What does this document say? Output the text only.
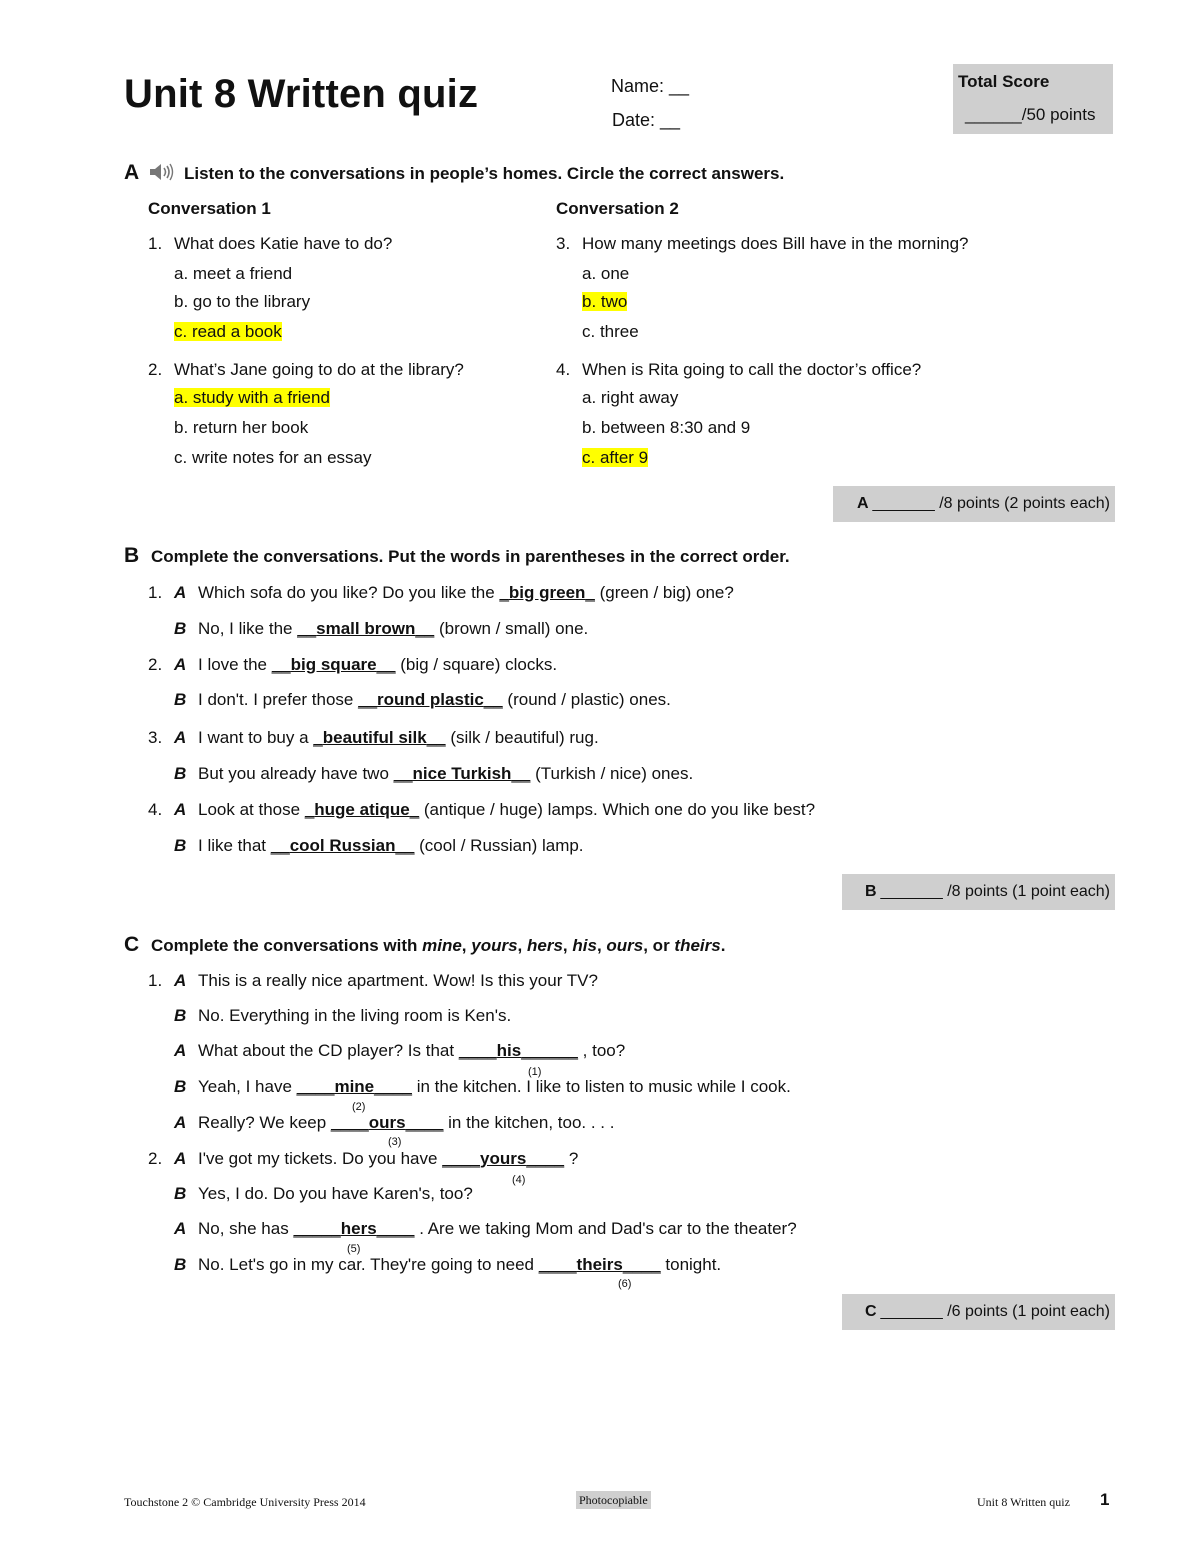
Unit 8 Written quiz	Name: __
Date: __
Total Score
______/50 points
A	Listen to the conversations in people’s homes. Circle the correct answers.
Conversation 1	Conversation 2
1. What does Katie have to do?
a. meet a friend
b. go to the library
c. read a book
2. What’s Jane going to do at the library?
a. study with a friend
b. return her book
c. write notes for an essay
3. How many meetings does Bill have in the morning?
a. one
b. two
c. three
4. When is Rita going to call the doctor’s office?
a. right away
b. between 8:30 and 9
c. after 9
A _______ /8 points (2 points each)
B Complete the conversations. Put the words in parentheses in the correct order.
1. A Which sofa do you like? Do you like the _big green_ (green / big) one?
B No, I like the __small brown__ (brown / small) one.
2. A I love the __big square__ (big / square) clocks.
B I don't. I prefer those __round plastic__ (round / plastic) ones.
3. A I want to buy a _beautiful silk__ (silk / beautiful) rug.
B But you already have two __nice Turkish__ (Turkish / nice) ones.
4. A Look at those _huge atique_ (antique / huge) lamps. Which one do you like best?
B I like that __cool Russian__ (cool / Russian) lamp.
B _______ /8 points (1 point each)
C Complete the conversations with mine, yours, hers, his, ours, or theirs.
1. A This is a really nice apartment. Wow! Is this your TV?
B No. Everything in the living room is Ken's.
A What about the CD player? Is that ____his______ , too?
(1)
B Yeah, I have ____mine____ in the kitchen. I like to listen to music while I cook.
(2)
A Really? We keep ____ours____ in the kitchen, too. . . .
(3)
2. A I've got my tickets. Do you have ____yours____ ?
(4)
B Yes, I do. Do you have Karen's, too?
A No, she has _____hers____ . Are we taking Mom and Dad's car to the theater?
(5)
B No. Let's go in my car. They're going to need ____theirs____ tonight.
(6)
C _______ /6 points (1 point each)
Touchstone 2 © Cambridge University Press 2014	Photocopiable	Unit 8 Written quiz 1
